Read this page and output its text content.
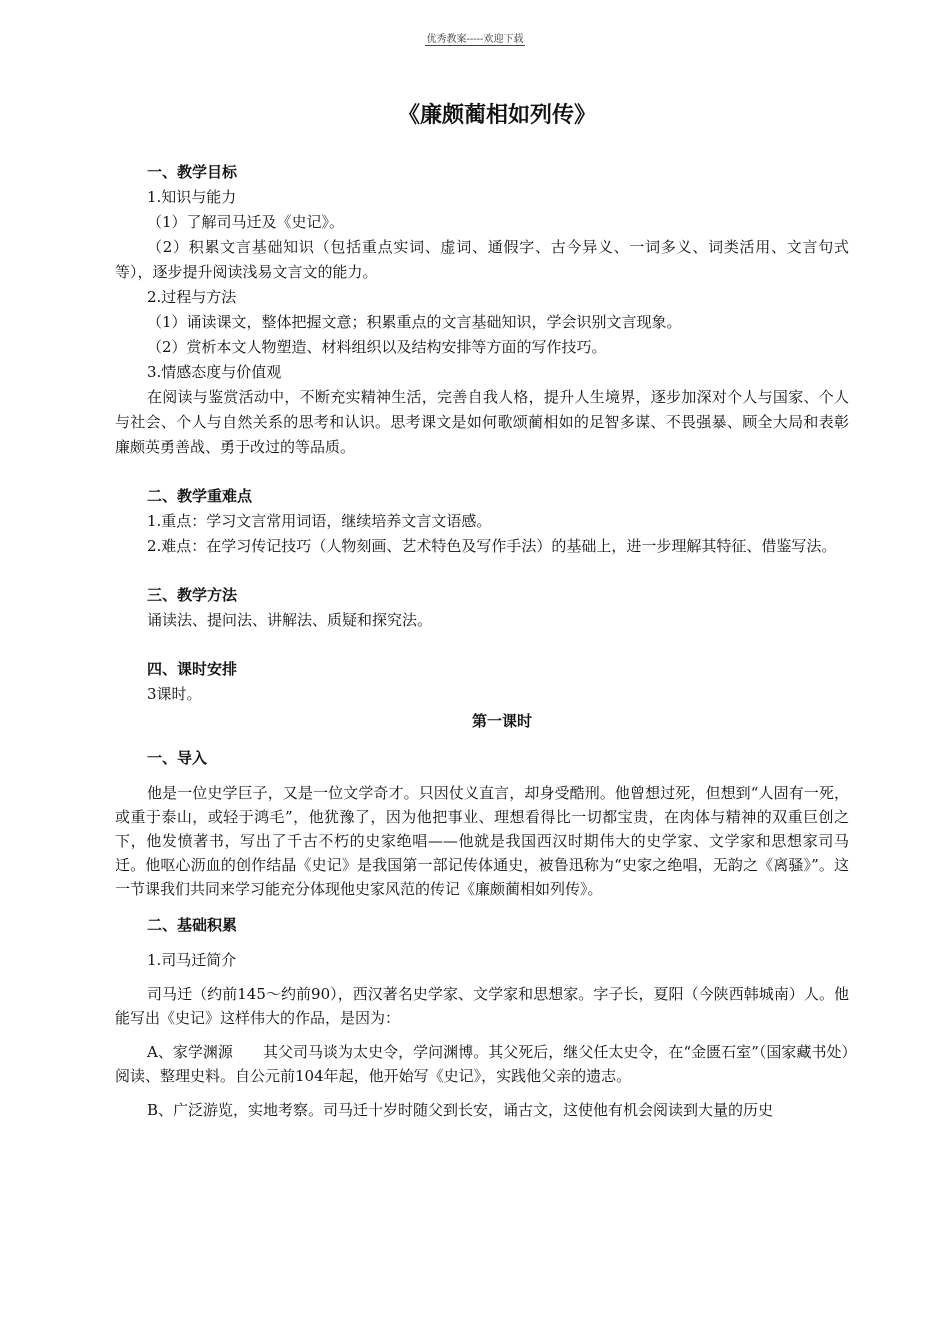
优秀教案-----欢迎下载
《廉颇蔺相如列传》
一、教学目标
1.知识与能力
（1）了解司马迁及《史记》。
（2）积累文言基础知识（包括重点实词、虚词、通假字、古今异义、一词多义、词类活用、文言句式等），逐步提升阅读浅易文言文的能力。
2.过程与方法
（1）诵读课文，整体把握文意；积累重点的文言基础知识，学会识别文言现象。
（2）赏析本文人物塑造、材料组织以及结构安排等方面的写作技巧。
3.情感态度与价值观
在阅读与鉴赏活动中，不断充实精神生活，完善自我人格，提升人生境界，逐步加深对个人与国家、个人与社会、个人与自然关系的思考和认识。思考课文是如何歌颂蔺相如的足智多谋、不畏强暴、顾全大局和表彰廉颇英勇善战、勇于改过的等品质。
二、教学重难点
1.重点：学习文言常用词语，继续培养文言文语感。
2.难点：在学习传记技巧（人物刻画、艺术特色及写作手法）的基础上，进一步理解其特征、借鉴写法。
三、教学方法
诵读法、提问法、讲解法、质疑和探究法。
四、课时安排
3课时。
第一课时
一、导入
他是一位史学巨子，又是一位文学奇才。只因仗义直言，却身受酷刑。他曾想过死，但想到“人固有一死，或重于泰山，或轻于鸿毛”，他犹豫了，因为他把事业、理想看得比一切都宝贵，在肉体与精神的双重巨创之下，他发愤著书，写出了千古不朽的史家绝唱——他就是我国西汉时期伟大的史学家、文学家和思想家司马迁。他呕心沥血的创作结晶《史记》是我国第一部记传体通史，被鲁迅称为“史家之绝唱，无韵之《离骚》”。这一节课我们共同来学习能充分体现他史家风范的传记《廉颇蔺相如列传》。
二、基础积累
1.司马迁简介
司马迁（约前145～约前90），西汉著名史学家、文学家和思想家。字子长，夏阳（今陕西韩城南）人。他能写出《史记》这样伟大的作品，是因为：
A、家学渊源　　其父司马谈为太史令，学问渊博。其父死后，继父任太史令，在“金匮石室”（国家藏书处）阅读、整理史料。自公元前104年起，他开始写《史记》，实践他父亲的遗志。
B、广泛游览，实地考察。司马迁十岁时随父到长安，诵古文，这使他有机会阅读到大量的历史
